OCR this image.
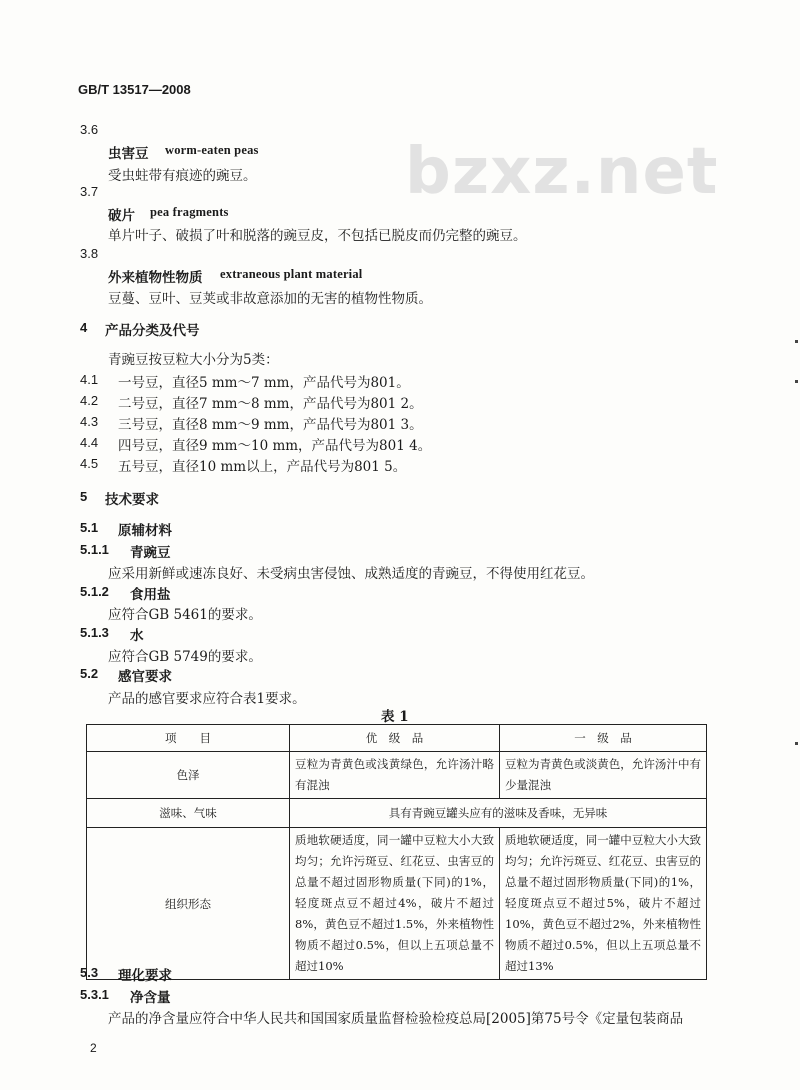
bzxz.net
GB/T 13517—2008
3.6
虫害豆 worm-eaten peas
受虫蛀带有痕迹的豌豆。
3.7
破片 pea fragments
单片叶子、破损了叶和脱落的豌豆皮，不包括已脱皮而仍完整的豌豆。
3.8
外来植物性物质 extraneous plant material
豆蔓、豆叶、豆荚或非故意添加的无害的植物性物质。
4 产品分类及代号
青豌豆按豆粒大小分为5类：
4.1 一号豆，直径5 mm～7 mm，产品代号为801。
4.2 二号豆，直径7 mm～8 mm，产品代号为801 2。
4.3 三号豆，直径8 mm～9 mm，产品代号为801 3。
4.4 四号豆，直径9 mm～10 mm，产品代号为801 4。
4.5 五号豆，直径10 mm以上，产品代号为801 5。
5 技术要求
5.1 原辅材料
5.1.1 青豌豆
应采用新鲜或速冻良好、未受病虫害侵蚀、成熟适度的青豌豆，不得使用红花豆。
5.1.2 食用盐
应符合GB 5461的要求。
5.1.3 水
应符合GB 5749的要求。
5.2 感官要求
产品的感官要求应符合表1要求。
表 1
项　　目	优　级　品	一　级　品
色泽	豆粒为青黄色或浅黄绿色，允许汤汁略有混浊	豆粒为青黄色或淡黄色，允许汤汁中有少量混浊
滋味、气味	具有青豌豆罐头应有的滋味及香味，无异味	
组织形态	质地软硬适度，同一罐中豆粒大小大致均匀；允许污斑豆、红花豆、虫害豆的总量不超过固形物质量(下同)的1%，轻度斑点豆不超过4%，破片不超过8%，黄色豆不超过1.5%，外来植物性物质不超过0.5%，但以上五项总量不超过10%	质地软硬适度，同一罐中豆粒大小大致均匀；允许污斑豆、红花豆、虫害豆的总量不超过固形物质量(下同)的1%，轻度斑点豆不超过5%，破片不超过10%，黄色豆不超过2%，外来植物性物质不超过0.5%，但以上五项总量不超过13%
5.3 理化要求
5.3.1 净含量
产品的净含量应符合中华人民共和国国家质量监督检验检疫总局[2005]第75号令《定量包装商品
2
